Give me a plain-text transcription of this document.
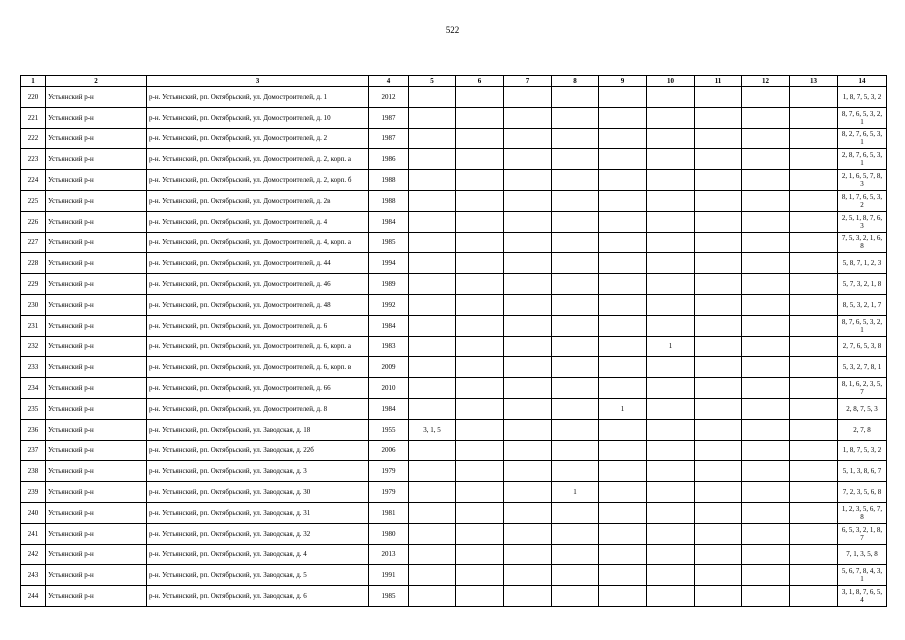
522
1	2	3	4	5	6	7	8	9	10	11	12	13	14
220	Устьянский р-н	р-н. Устьянский, рп. Октябрьский, ул. Домостроителей, д. 1	2012										1, 8, 7, 5, 3, 2
221	Устьянский р-н	р-н. Устьянский, рп. Октябрьский, ул. Домостроителей, д. 10	1987										8, 7, 6, 5, 3, 2, 1
222	Устьянский р-н	р-н. Устьянский, рп. Октябрьский, ул. Домостроителей, д. 2	1987										8, 2, 7, 6, 5, 3, 1
223	Устьянский р-н	р-н. Устьянский, рп. Октябрьский, ул. Домостроителей, д. 2, корп. а	1986										2, 8, 7, 6, 5, 3, 1
224	Устьянский р-н	р-н. Устьянский, рп. Октябрьский, ул. Домостроителей, д. 2, корп. б	1988										2, 1, 6, 5, 7, 8, 3
225	Устьянский р-н	р-н. Устьянский, рп. Октябрьский, ул. Домостроителей, д. 2в	1988										8, 1, 7, 6, 5, 3, 2
226	Устьянский р-н	р-н. Устьянский, рп. Октябрьский, ул. Домостроителей, д. 4	1984										2, 5, 1, 8, 7, 6, 3
227	Устьянский р-н	р-н. Устьянский, рп. Октябрьский, ул. Домостроителей, д. 4, корп. а	1985										7, 5, 3, 2, 1, 6, 8
228	Устьянский р-н	р-н. Устьянский, рп. Октябрьский, ул. Домостроителей, д. 44	1994										5, 8, 7, 1, 2, 3
229	Устьянский р-н	р-н. Устьянский, рп. Октябрьский, ул. Домостроителей, д. 46	1989										5, 7, 3, 2, 1, 8
230	Устьянский р-н	р-н. Устьянский, рп. Октябрьский, ул. Домостроителей, д. 48	1992										8, 5, 3, 2, 1, 7
231	Устьянский р-н	р-н. Устьянский, рп. Октябрьский, ул. Домостроителей, д. 6	1984										8, 7, 6, 5, 3, 2, 1
232	Устьянский р-н	р-н. Устьянский, рп. Октябрьский, ул. Домостроителей, д. 6, корп. а	1983						1				2, 7, 6, 5, 3, 8
233	Устьянский р-н	р-н. Устьянский, рп. Октябрьский, ул. Домостроителей, д. 6, корп. в	2009										5, 3, 2, 7, 8, 1
234	Устьянский р-н	р-н. Устьянский, рп. Октябрьский, ул. Домостроителей, д. 66	2010										8, 1, 6, 2, 3, 5, 7
235	Устьянский р-н	р-н. Устьянский, рп. Октябрьский, ул. Домостроителей, д. 8	1984					1					2, 8, 7, 5, 3
236	Устьянский р-н	р-н. Устьянский, рп. Октябрьский, ул. Заводская, д. 18	1955	3, 1, 5									2, 7, 8
237	Устьянский р-н	р-н. Устьянский, рп. Октябрьский, ул. Заводская, д. 22б	2006										1, 8, 7, 5, 3, 2
238	Устьянский р-н	р-н. Устьянский, рп. Октябрьский, ул. Заводская, д. 3	1979										5, 1, 3, 8, 6, 7
239	Устьянский р-н	р-н. Устьянский, рп. Октябрьский, ул. Заводская, д. 30	1979				1						7, 2, 3, 5, 6, 8
240	Устьянский р-н	р-н. Устьянский, рп. Октябрьский, ул. Заводская, д. 31	1981										1, 2, 3, 5, 6, 7, 8
241	Устьянский р-н	р-н. Устьянский, рп. Октябрьский, ул. Заводская, д. 32	1980										6, 5, 3, 2, 1, 8, 7
242	Устьянский р-н	р-н. Устьянский, рп. Октябрьский, ул. Заводская, д. 4	2013										7, 1, 3, 5, 8
243	Устьянский р-н	р-н. Устьянский, рп. Октябрьский, ул. Заводская, д. 5	1991										5, 6, 7, 8, 4, 3, 1
244	Устьянский р-н	р-н. Устьянский, рп. Октябрьский, ул. Заводская, д. 6	1985										3, 1, 8, 7, 6, 5, 4
